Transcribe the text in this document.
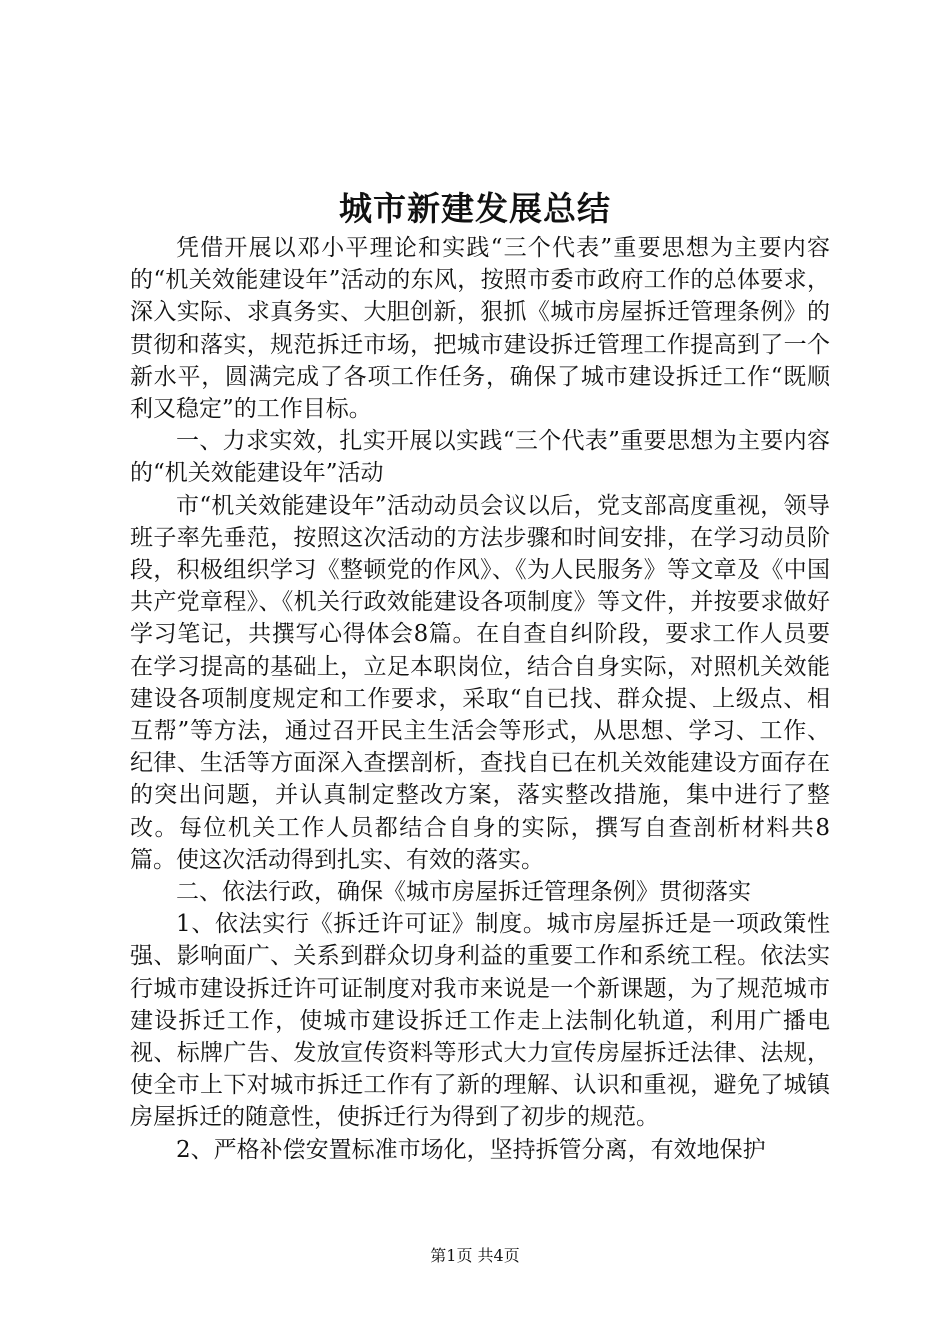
城市新建发展总结

凭借开展以邓小平理论和实践“三个代表”重要思想为主要内容的“机关效能建设年”活动的东风，按照市委市政府工作的总体要求，深入实际、求真务实、大胆创新，狠抓《城市房屋拆迁管理条例》的贯彻和落实，规范拆迁市场，把城市建设拆迁管理工作提高到了一个新水平，圆满完成了各项工作任务，确保了城市建设拆迁工作“既顺利又稳定”的工作目标。

一、力求实效，扎实开展以实践“三个代表”重要思想为主要内容的“机关效能建设年”活动

市“机关效能建设年”活动动员会议以后，党支部高度重视，领导班子率先垂范，按照这次活动的方法步骤和时间安排，在学习动员阶段，积极组织学习《整顿党的作风》、《为人民服务》等文章及《中国共产党章程》、《机关行政效能建设各项制度》等文件，并按要求做好学习笔记，共撰写心得体会8篇。在自查自纠阶段，要求工作人员要在学习提高的基础上，立足本职岗位，结合自身实际，对照机关效能建设各项制度规定和工作要求，采取“自已找、群众提、上级点、相互帮”等方法，通过召开民主生活会等形式，从思想、学习、工作、纪律、生活等方面深入查摆剖析，查找自已在机关效能建设方面存在的突出问题，并认真制定整改方案，落实整改措施，集中进行了整改。每位机关工作人员都结合自身的实际，撰写自查剖析材料共8篇。使这次活动得到扎实、有效的落实。

二、依法行政，确保《城市房屋拆迁管理条例》贯彻落实

1、依法实行《拆迁许可证》制度。城市房屋拆迁是一项政策性强、影响面广、关系到群众切身利益的重要工作和系统工程。依法实行城市建设拆迁许可证制度对我市来说是一个新课题，为了规范城市建设拆迁工作，使城市建设拆迁工作走上法制化轨道，利用广播电视、标牌广告、发放宣传资料等形式大力宣传房屋拆迁法律、法规，使全市上下对城市拆迁工作有了新的理解、认识和重视，避免了城镇房屋拆迁的随意性，使拆迁行为得到了初步的规范。

2、严格补偿安置标准市场化，坚持拆管分离，有效地保护

第1页 共4页
